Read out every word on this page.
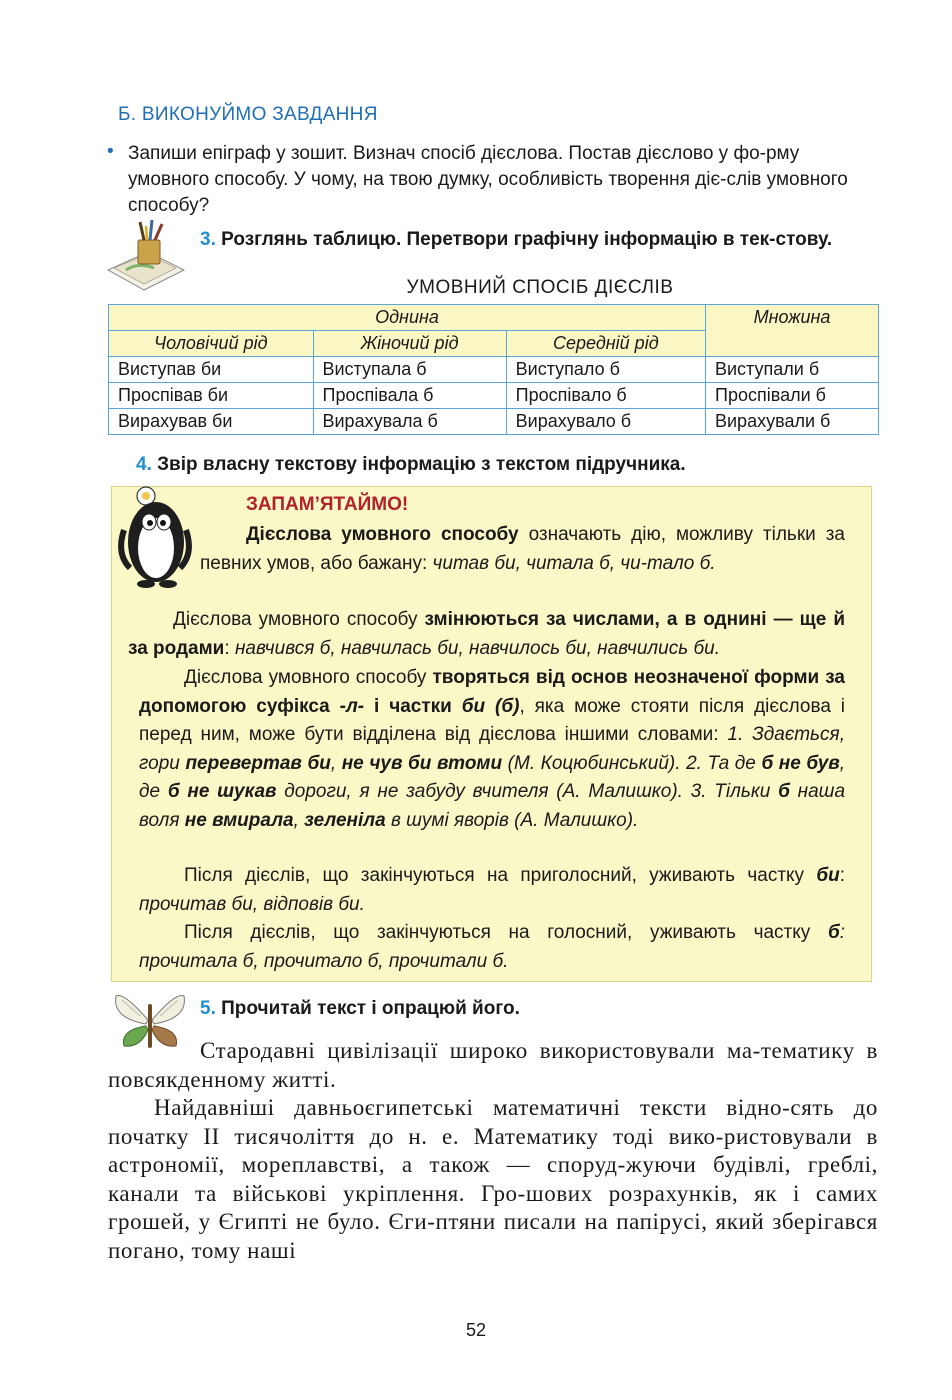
Б. ВИКОНУЙМО ЗАВДАННЯ
• Запиши епіграф у зошит. Визнач спосіб дієслова. Постав дієслово у фо-рму умовного способу. У чому, на твою думку, особливість творення діє-слів умовного способу?
3. Розглянь таблицю. Перетвори графічну інформацію в тек-стову.
УМОВНИЙ СПОСІБ ДІЄСЛІВ
Однина			Множина
Чоловічий рід	Жіночий рід	Середній рід	
Виступав би	Виступала б	Виступало б	Виступали б
Проспівав би	Проспівала б	Проспівало б	Проспівали б
Вирахував би	Вирахувала б	Вирахувало б	Вирахували б
4. Звір власну текстову інформацію з текстом підручника.
ЗАПАМ’ЯТАЙМО!
Дієслова умовного способу означають дію, можливу тільки за певних умов, або бажану: читав би, читала б, чи-тало б.
Дієслова умовного способу змінюються за числами, а в однині — ще й за родами: навчився б, навчилась би, навчилось би, навчились би.
Дієслова умовного способу творяться від основ неозначеної форми за допомогою суфікса -л- і частки би (б), яка може стояти після дієслова і перед ним, може бути відділена від дієслова іншими словами: 1. Здається, гори перевертав би, не чув би втоми (М. Коцюбинський). 2. Та де б не був, де б не шукав дороги, я не забуду вчителя (А. Малишко). 3. Тільки б наша воля не вмирала, зеленіла в шумі яворів (А. Малишко).
Після дієслів, що закінчуються на приголосний, уживають частку би: прочитав би, відповів би.
Після дієслів, що закінчуються на голосний, уживають частку б: прочитала б, прочитало б, прочитали б.
5. Прочитай текст і опрацюй його.
Стародавні цивілізації широко використовували ма-тематику в повсякденному житті.
Найдавніші давньоєгипетські математичні тексти відно-сять до початку ІІ тисячоліття до н. е. Математику тоді вико-ристовували в астрономії, мореплавстві, а також — споруд-жуючи будівлі, греблі, канали та військові укріплення. Гро-шових розрахунків, як і самих грошей, у Єгипті не було. Єги-птяни писали на папірусі, який зберігався погано, тому наші
52
